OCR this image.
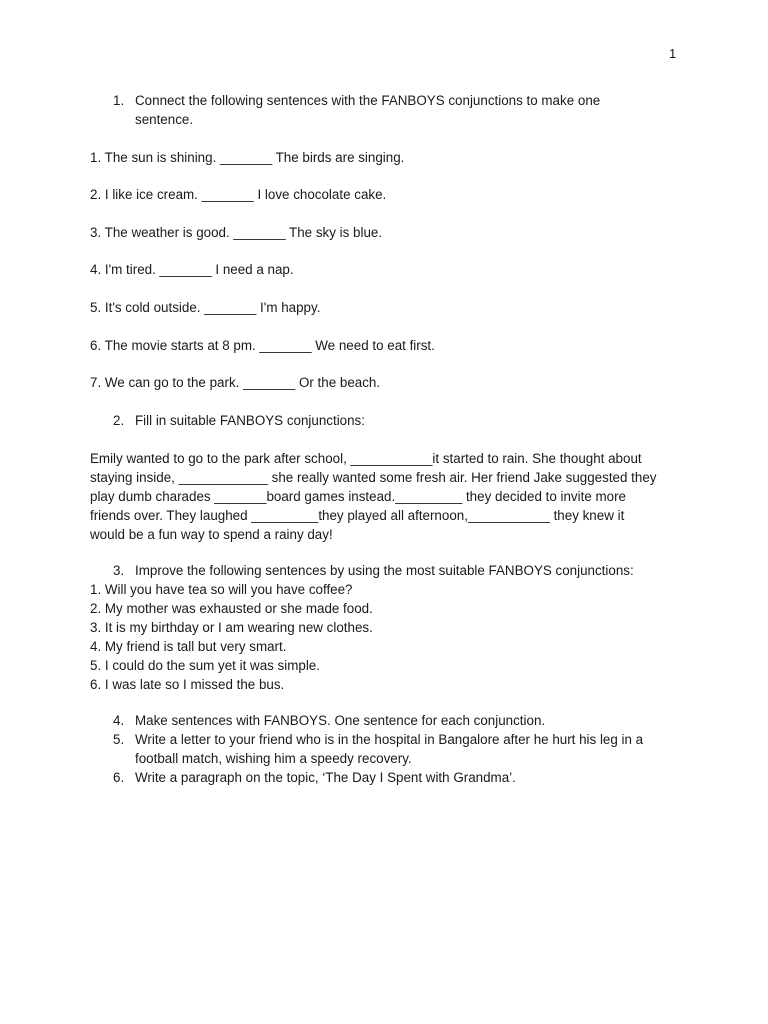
1
1. Connect the following sentences with the FANBOYS conjunctions to make one
sentence.
1. The sun is shining. _______ The birds are singing.
2. I like ice cream. _______ I love chocolate cake.
3. The weather is good. _______ The sky is blue.
4. I'm tired. _______ I need a nap.
5. It's cold outside. _______ I'm happy.
6. The movie starts at 8 pm. _______ We need to eat first.
7. We can go to the park. _______ Or the beach.
2. Fill in suitable FANBOYS conjunctions:
Emily wanted to go to the park after school, ___________it started to rain. She thought about
staying inside, ____________ she really wanted some fresh air. Her friend Jake suggested they
play dumb charades _______board games instead._________ they decided to invite more
friends over. They laughed _________they played all afternoon,___________ they knew it
would be a fun way to spend a rainy day!
3. Improve the following sentences by using the most suitable FANBOYS conjunctions:
1. Will you have tea so will you have coffee?
2. My mother was exhausted or she made food.
3. It is my birthday or I am wearing new clothes.
4. My friend is tall but very smart.
5. I could do the sum yet it was simple.
6. I was late so I missed the bus.
4. Make sentences with FANBOYS. One sentence for each conjunction.
5. Write a letter to your friend who is in the hospital in Bangalore after he hurt his leg in a
football match, wishing him a speedy recovery.
6. Write a paragraph on the topic, ‘The Day I Spent with Grandma’.
